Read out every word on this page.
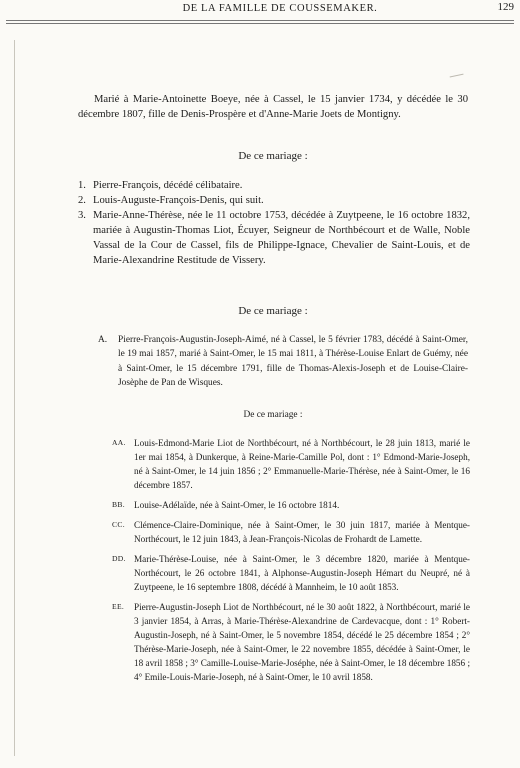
DE LA FAMILLE DE COUSSEMAKER.	129

Marié à Marie-Antoinette Boeye, née à Cassel, le 15 janvier 1734, y décédée le 30 décembre 1807, fille de Denis-Prospère et d'Anne-Marie Joets de Montigny.

De ce mariage :
1. Pierre-François, décédé célibataire.
2. Louis-Auguste-François-Denis, qui suit.
3. Marie-Anne-Thérèse, née le 11 octobre 1753, décédée à Zuytpeene, le 16 octobre 1832, mariée à Augustin-Thomas Liot, Écuyer, Seigneur de Northbécourt et de Walle, Noble Vassal de la Cour de Cassel, fils de Philippe-Ignace, Chevalier de Saint-Louis, et de Marie-Alexandrine Restitude de Vissery.
De ce mariage :
A. Pierre-François-Augustin-Joseph-Aimé, né à Cassel, le 5 février 1783, décédé à Saint-Omer, le 19 mai 1857, marié à Saint-Omer, le 15 mai 1811, à Thérèse-Louise Enlart de Guémy, née à Saint-Omer, le 15 décembre 1791, fille de Thomas-Alexis-Joseph et de Louise-Claire-Josèphe de Pan de Wisques.
De ce mariage :
AA. Louis-Edmond-Marie Liot de Northbécourt, né à Northbécourt, le 28 juin 1813, marié le 1er mai 1854, à Dunkerque, à Reine-Marie-Camille Pol, dont : 1° Edmond-Marie-Joseph, né à Saint-Omer, le 14 juin 1856 ; 2° Emmanuelle-Marie-Thérèse, née à Saint-Omer, le 16 décembre 1857.
BB. Louise-Adélaïde, née à Saint-Omer, le 16 octobre 1814.
CC. Clémence-Claire-Dominique, née à Saint-Omer, le 30 juin 1817, mariée à Mentque-Northécourt, le 12 juin 1843, à Jean-François-Nicolas de Frohardt de Lamette.
DD. Marie-Thérèse-Louise, née à Saint-Omer, le 3 décembre 1820, mariée à Mentque-Northécourt, le 26 octobre 1841, à Alphonse-Augustin-Joseph Hémart du Neupré, né à Zuytpeene, le 16 septembre 1808, décédé à Mannheim, le 10 août 1853.
EE. Pierre-Augustin-Joseph Liot de Northbécourt, né le 30 août 1822, à Northbécourt, marié le 3 janvier 1854, à Arras, à Marie-Thérèse-Alexandrine de Cardevacque, dont : 1° Robert-Augustin-Joseph, né à Saint-Omer, le 5 novembre 1854, décédé le 25 décembre 1854 ; 2° Thérèse-Marie-Joseph, née à Saint-Omer, le 22 novembre 1855, décédée à Saint-Omer, le 18 avril 1858 ; 3° Camille-Louise-Marie-Joséphe, née à Saint-Omer, le 18 décembre 1856 ; 4° Emile-Louis-Marie-Joseph, né à Saint-Omer, le 10 avril 1858.
